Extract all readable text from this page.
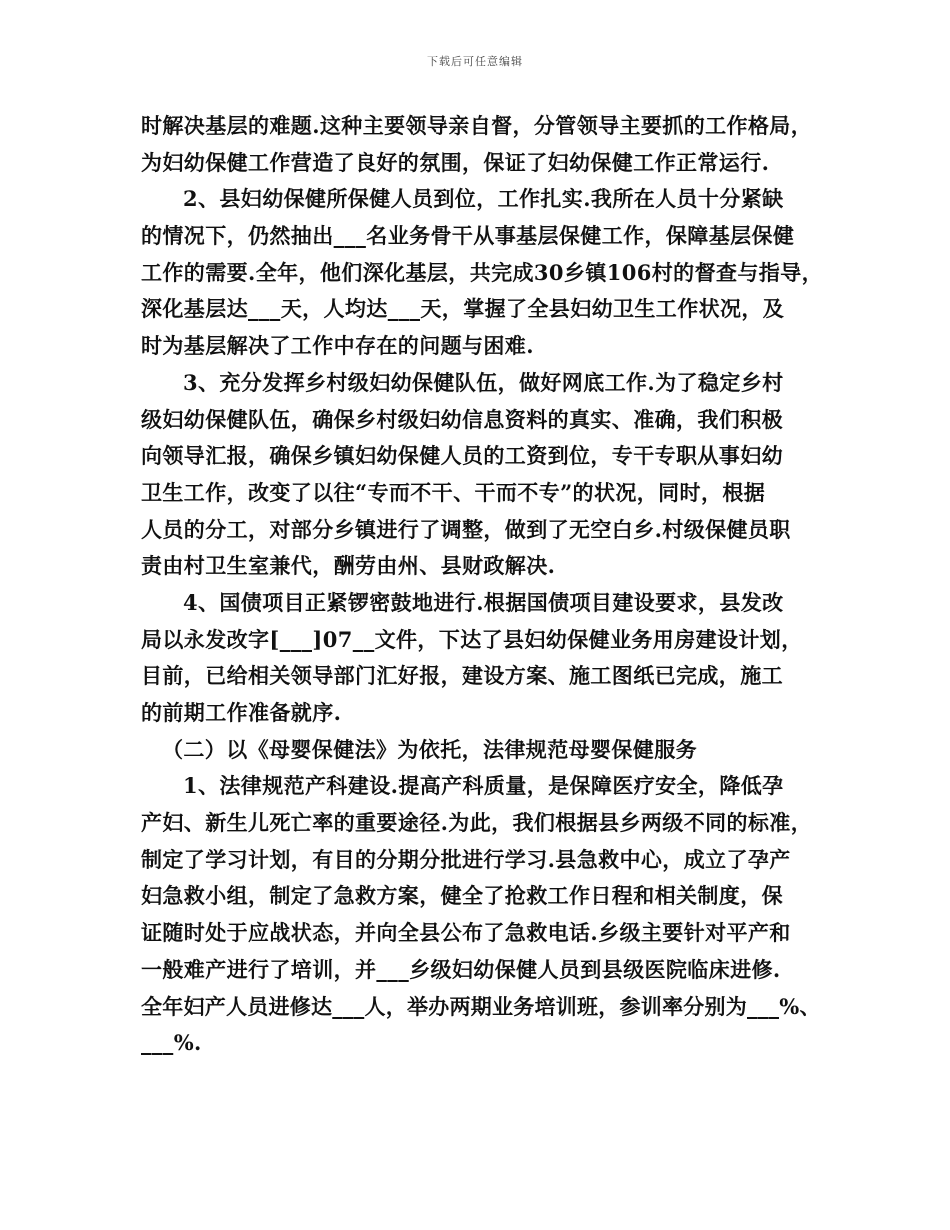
下载后可任意编辑
时解决基层的难题.这种主要领导亲自督，分管领导主要抓的工作格局，
为妇幼保健工作营造了良好的氛围，保证了妇幼保健工作正常运行.
2、县妇幼保健所保健人员到位，工作扎实.我所在人员十分紧缺
的情况下，仍然抽出___名业务骨干从事基层保健工作，保障基层保健
工作的需要.全年，他们深化基层，共完成30乡镇106村的督查与指导，
深化基层达___天，人均达___天，掌握了全县妇幼卫生工作状况，及
时为基层解决了工作中存在的问题与困难.
3、充分发挥乡村级妇幼保健队伍，做好网底工作.为了稳定乡村
级妇幼保健队伍，确保乡村级妇幼信息资料的真实、准确，我们积极
向领导汇报，确保乡镇妇幼保健人员的工资到位，专干专职从事妇幼
卫生工作，改变了以往“专而不干、干而不专”的状况，同时，根据
人员的分工，对部分乡镇进行了调整，做到了无空白乡.村级保健员职
责由村卫生室兼代，酬劳由州、县财政解决.
4、国债项目正紧锣密鼓地进行.根据国债项目建设要求，县发改
局以永发改字[___]07__文件，下达了县妇幼保健业务用房建设计划，
目前，已给相关领导部门汇好报，建设方案、施工图纸已完成，施工
的前期工作准备就序.
（二）以《母婴保健法》为依托，法律规范母婴保健服务
1、法律规范产科建设.提高产科质量，是保障医疗安全，降低孕
产妇、新生儿死亡率的重要途径.为此，我们根据县乡两级不同的标准，
制定了学习计划，有目的分期分批进行学习.县急救中心，成立了孕产
妇急救小组，制定了急救方案，健全了抢救工作日程和相关制度，保
证随时处于应战状态，并向全县公布了急救电话.乡级主要针对平产和
一般难产进行了培训，并___乡级妇幼保健人员到县级医院临床进修.
全年妇产人员进修达___人，举办两期业务培训班，参训率分别为___%、
___%.
